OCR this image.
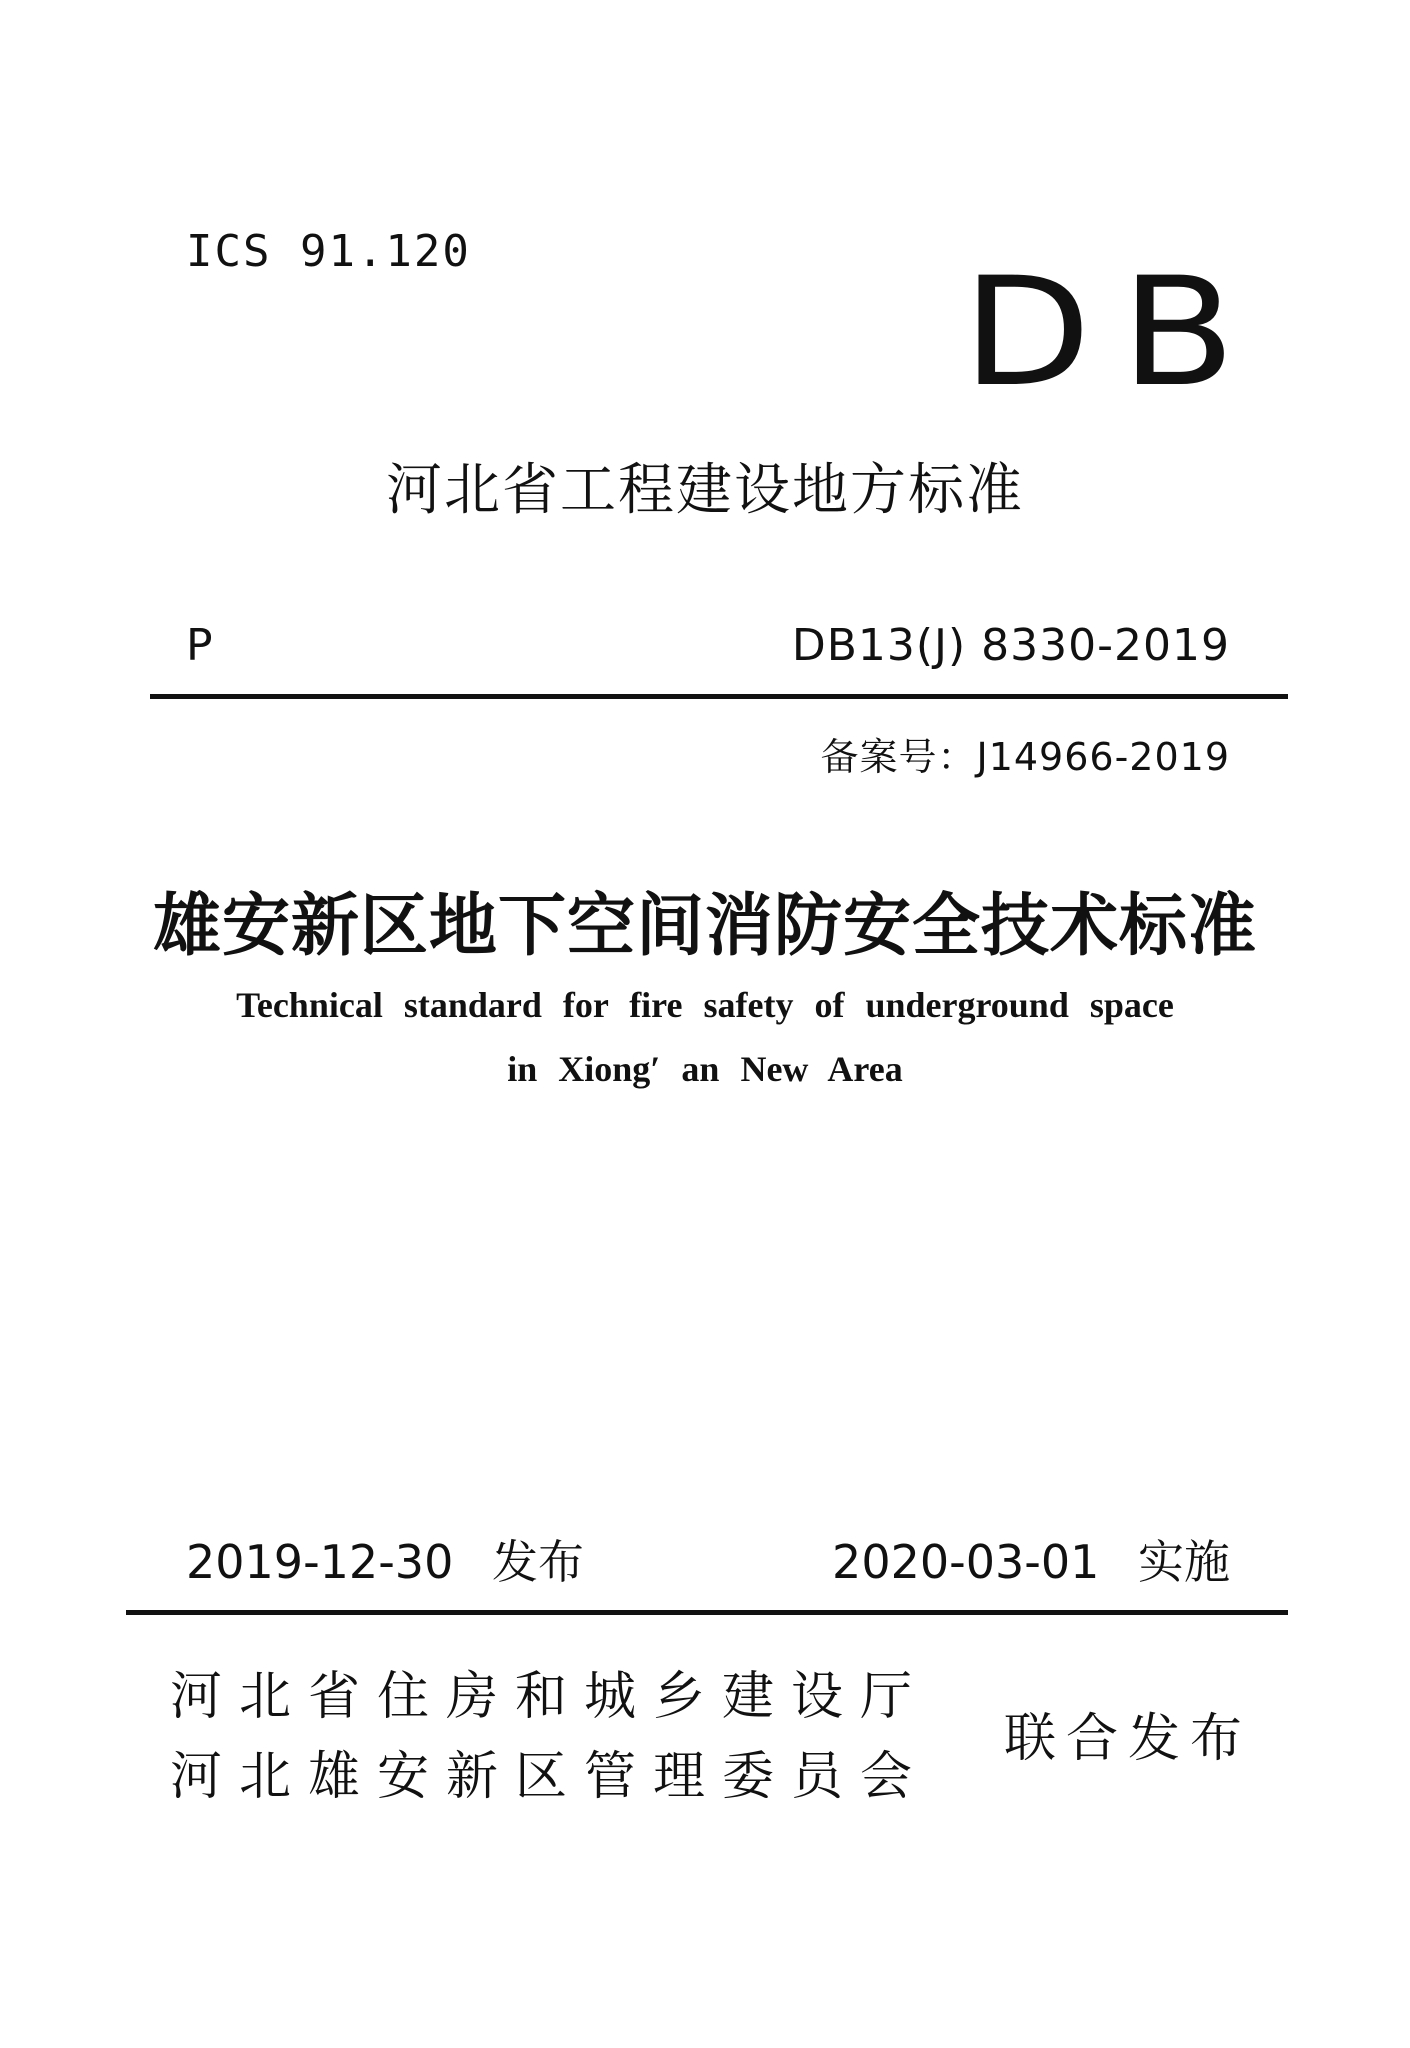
ICS 91.120	DB
河北省工程建设地方标准
P	DB13(J) 8330-2019
备案号：J14966-2019
雄安新区地下空间消防安全技术标准
Technical standard for fire safety of underground space
in Xiong′ an New Area
2019-12-30 发布	2020-03-01 实施
河北省住房和城乡建设厅
河北雄安新区管理委员会
联合发布
